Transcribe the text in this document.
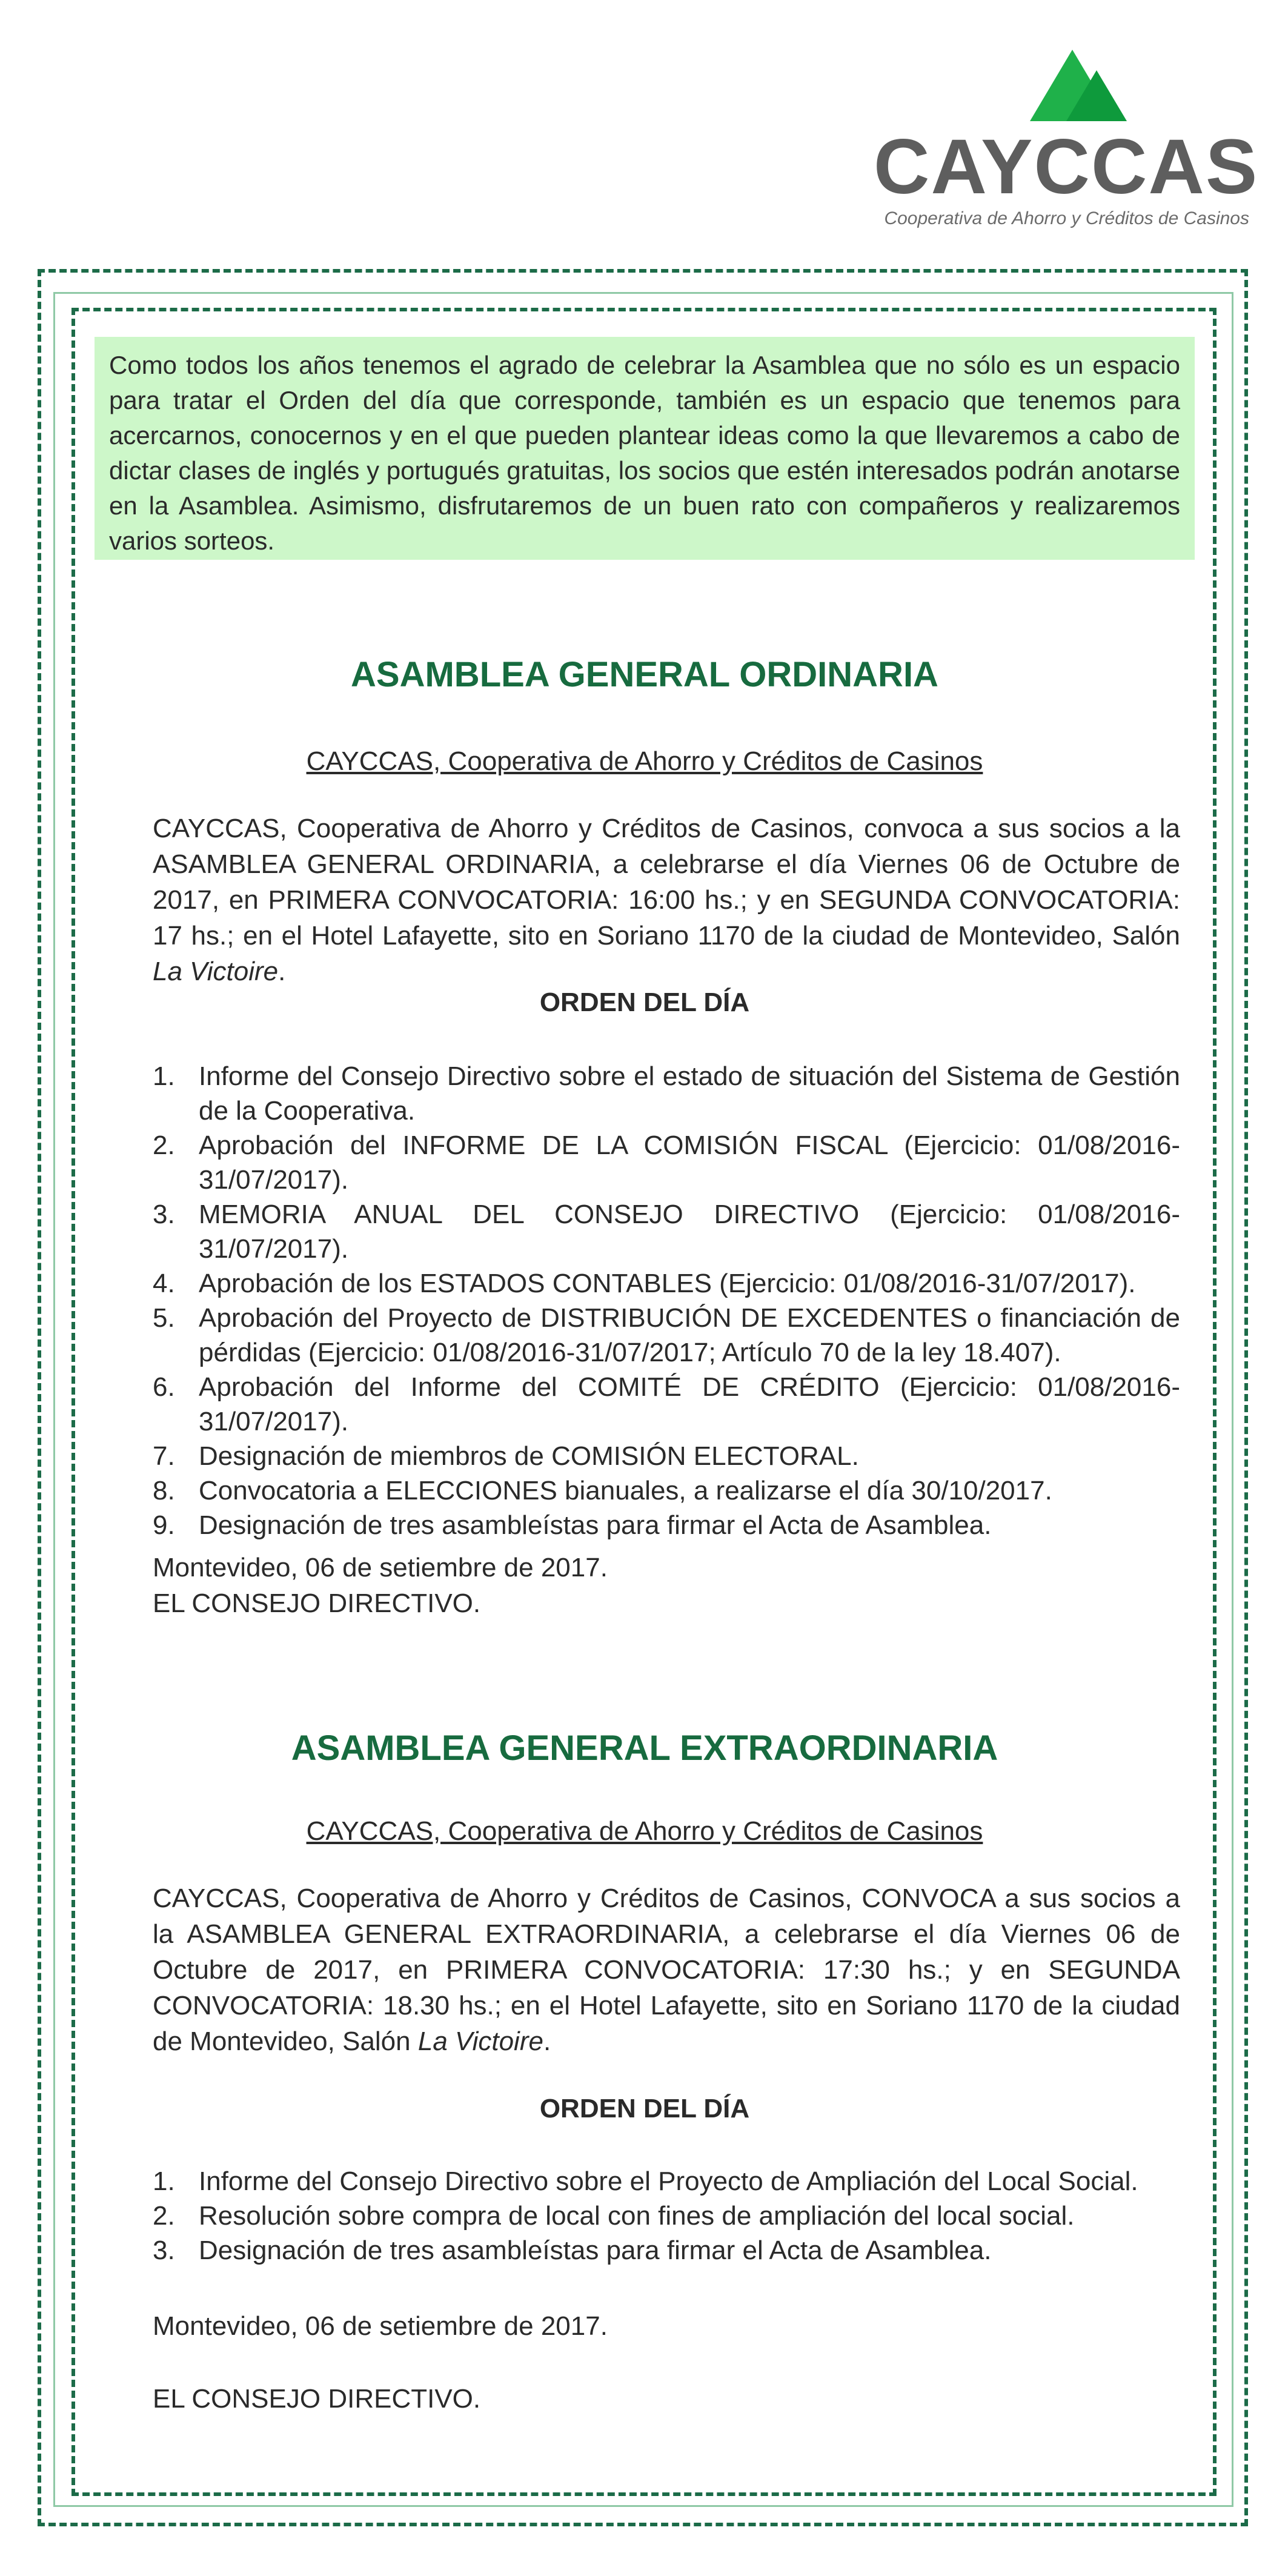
CAYCCAS
Cooperativa de Ahorro y Créditos de Casinos
Como todos los años tenemos el agrado de celebrar la Asamblea que no sólo es un espacio para tratar el Orden del día que corresponde, también es un espacio que tenemos para acercarnos, conocernos y en el que pueden plantear ideas como la que llevaremos a cabo de dictar clases de inglés y portugués gratuitas, los socios que estén interesados podrán anotarse en la Asamblea. Asimismo, disfrutaremos de un buen rato con compañeros y realizaremos varios sorteos.
ASAMBLEA GENERAL ORDINARIA
CAYCCAS, Cooperativa de Ahorro y Créditos de Casinos
CAYCCAS, Cooperativa de Ahorro y Créditos de Casinos, convoca a sus socios a la ASAMBLEA GENERAL ORDINARIA, a celebrarse el día Viernes 06 de Octubre de 2017, en PRIMERA CONVOCATORIA: 16:00 hs.; y en SEGUNDA CONVOCATORIA: 17 hs.; en el Hotel Lafayette, sito en Soriano 1170 de la ciudad de Montevideo, Salón La Victoire.
ORDEN DEL DÍA
1. Informe del Consejo Directivo sobre el estado de situación del Sistema de Gestión de la Cooperativa.
2. Aprobación del INFORME DE LA COMISIÓN FISCAL (Ejercicio: 01/08/2016-31/07/2017).
3. MEMORIA ANUAL DEL CONSEJO DIRECTIVO (Ejercicio: 01/08/2016-31/07/2017).
4. Aprobación de los ESTADOS CONTABLES (Ejercicio: 01/08/2016-31/07/2017).
5. Aprobación del Proyecto de DISTRIBUCIÓN DE EXCEDENTES o financiación de pérdidas (Ejercicio: 01/08/2016-31/07/2017; Artículo 70 de la ley 18.407).
6. Aprobación del Informe del COMITÉ DE CRÉDITO (Ejercicio: 01/08/2016-31/07/2017).
7. Designación de miembros de COMISIÓN ELECTORAL.
8. Convocatoria a ELECCIONES bianuales, a realizarse el día 30/10/2017.
9. Designación de tres asambleístas para firmar el Acta de Asamblea.
Montevideo, 06 de setiembre de 2017.
EL CONSEJO DIRECTIVO.
ASAMBLEA GENERAL EXTRAORDINARIA
CAYCCAS, Cooperativa de Ahorro y Créditos de Casinos
CAYCCAS, Cooperativa de Ahorro y Créditos de Casinos, CONVOCA a sus socios a la ASAMBLEA GENERAL EXTRAORDINARIA, a celebrarse el día Viernes 06 de Octubre de 2017, en PRIMERA CONVOCATORIA: 17:30 hs.; y en SEGUNDA CONVOCATORIA: 18.30 hs.; en el Hotel Lafayette, sito en Soriano 1170 de la ciudad de Montevideo, Salón La Victoire.
ORDEN DEL DÍA
1. Informe del Consejo Directivo sobre el Proyecto de Ampliación del Local Social.
2. Resolución sobre compra de local con fines de ampliación del local social.
3. Designación de tres asambleístas para firmar el Acta de Asamblea.
Montevideo, 06 de setiembre de 2017.
EL CONSEJO DIRECTIVO.
